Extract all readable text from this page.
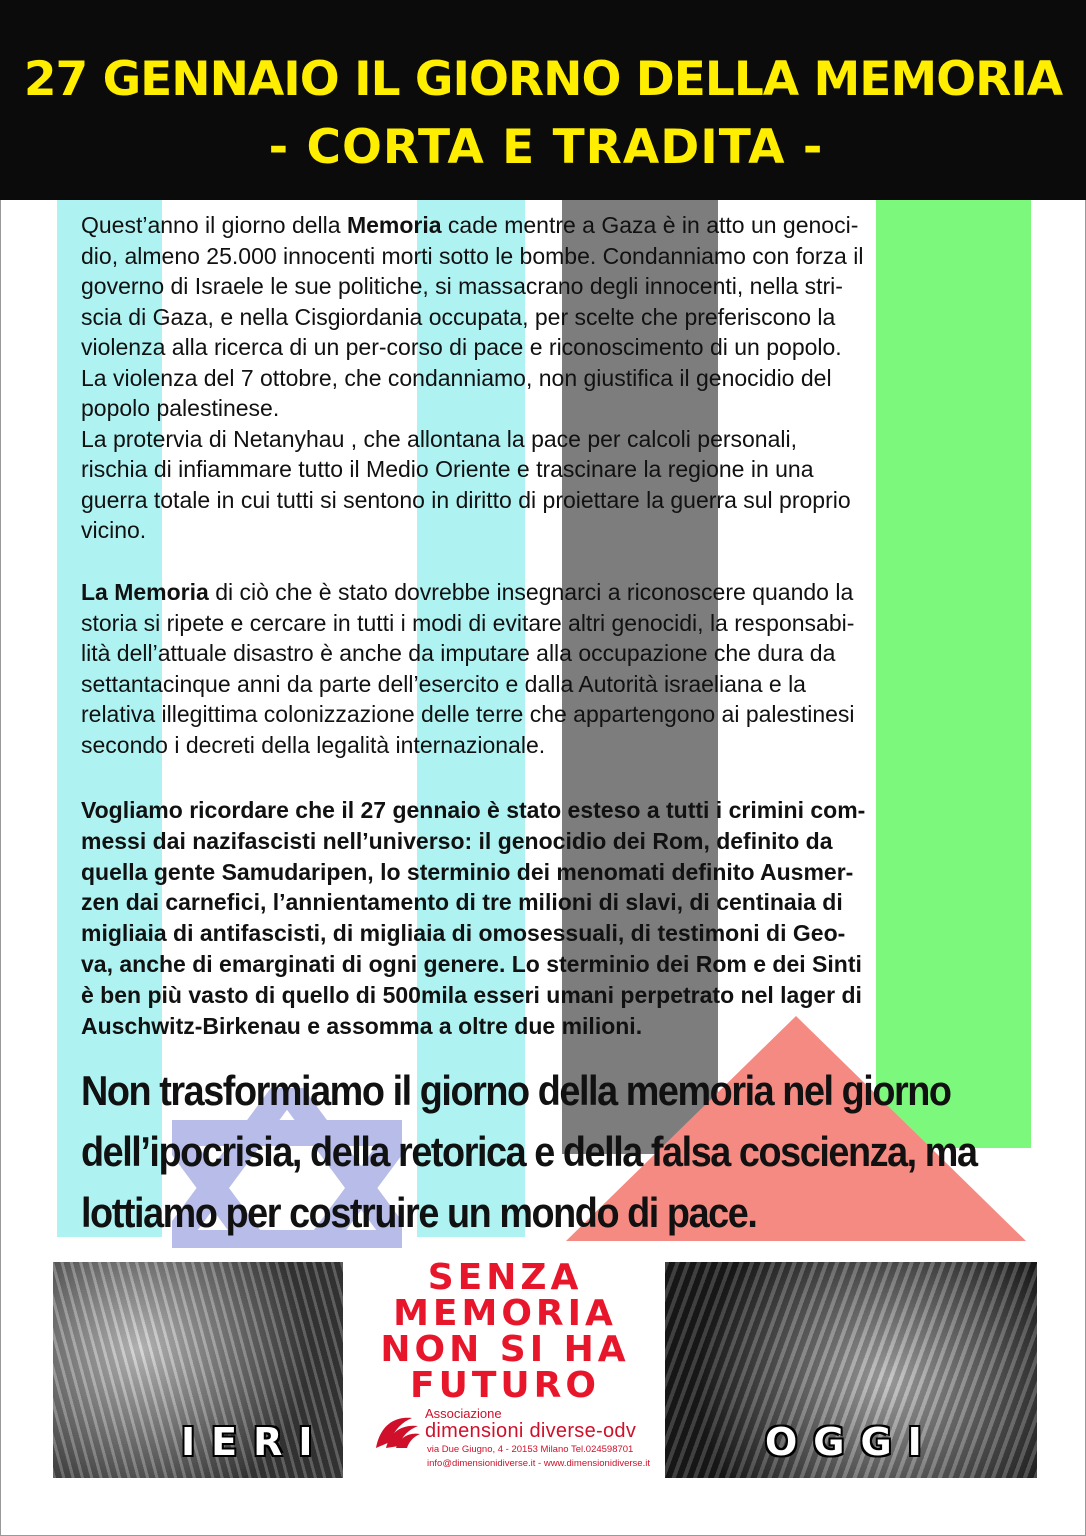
27 GENNAIO IL GIORNO DELLA MEMORIA
- CORTA E TRADITA -
Quest’anno il giorno della Memoria cade mentre a Gaza è in atto un genoci-
dio, almeno 25.000 innocenti morti sotto le bombe. Condanniamo con forza il
governo di Israele le sue politiche, si massacrano degli innocenti, nella stri-
scia di Gaza, e nella Cisgiordania occupata, per scelte che preferiscono la
violenza alla ricerca di un per-corso di pace e riconoscimento di un popolo.
La violenza del 7 ottobre, che condanniamo, non giustifica il genocidio del
popolo palestinese.
La protervia di Netanyhau , che allontana la pace per calcoli personali,
rischia di infiammare tutto il Medio Oriente e trascinare la regione in una
guerra totale in cui tutti si sentono in diritto di proiettare la guerra sul proprio
vicino.
La Memoria di ciò che è stato dovrebbe insegnarci a riconoscere quando la
storia si ripete e cercare in tutti i modi di evitare altri genocidi, la responsabi-
lità dell’attuale disastro è anche da imputare alla occupazione che dura da
settantacinque anni da parte dell’esercito e dalla Autorità israeliana e la
relativa illegittima colonizzazione delle terre che appartengono ai palestinesi
secondo i decreti della legalità internazionale.
Vogliamo ricordare che il 27 gennaio è stato esteso a tutti i crimini com-
messi dai nazifascisti nell’universo: il genocidio dei Rom, definito da
quella gente Samudaripen, lo sterminio dei menomati definito Ausmer-
zen dai carnefici, l’annientamento di tre milioni di slavi, di centinaia di
migliaia di antifascisti, di migliaia di omosessuali, di testimoni di Geo-
va, anche di emarginati di ogni genere. Lo sterminio dei Rom e dei Sinti
è ben più vasto di quello di 500mila esseri umani perpetrato nel lager di
Auschwitz-Birkenau e assomma a oltre due milioni.
Non trasformiamo il giorno della memoria nel giorno
dell’ipocrisia, della retorica e della falsa coscienza, ma
lottiamo per costruire un mondo di pace.
IERI
SENZA
MEMORIA
NON SI HA
FUTURO
Associazione
dimensioni diverse-odv
via Due Giugno, 4 - 20153 Milano Tel.024598701
info@dimensionidiverse.it - www.dimensionidiverse.it	OGGI
